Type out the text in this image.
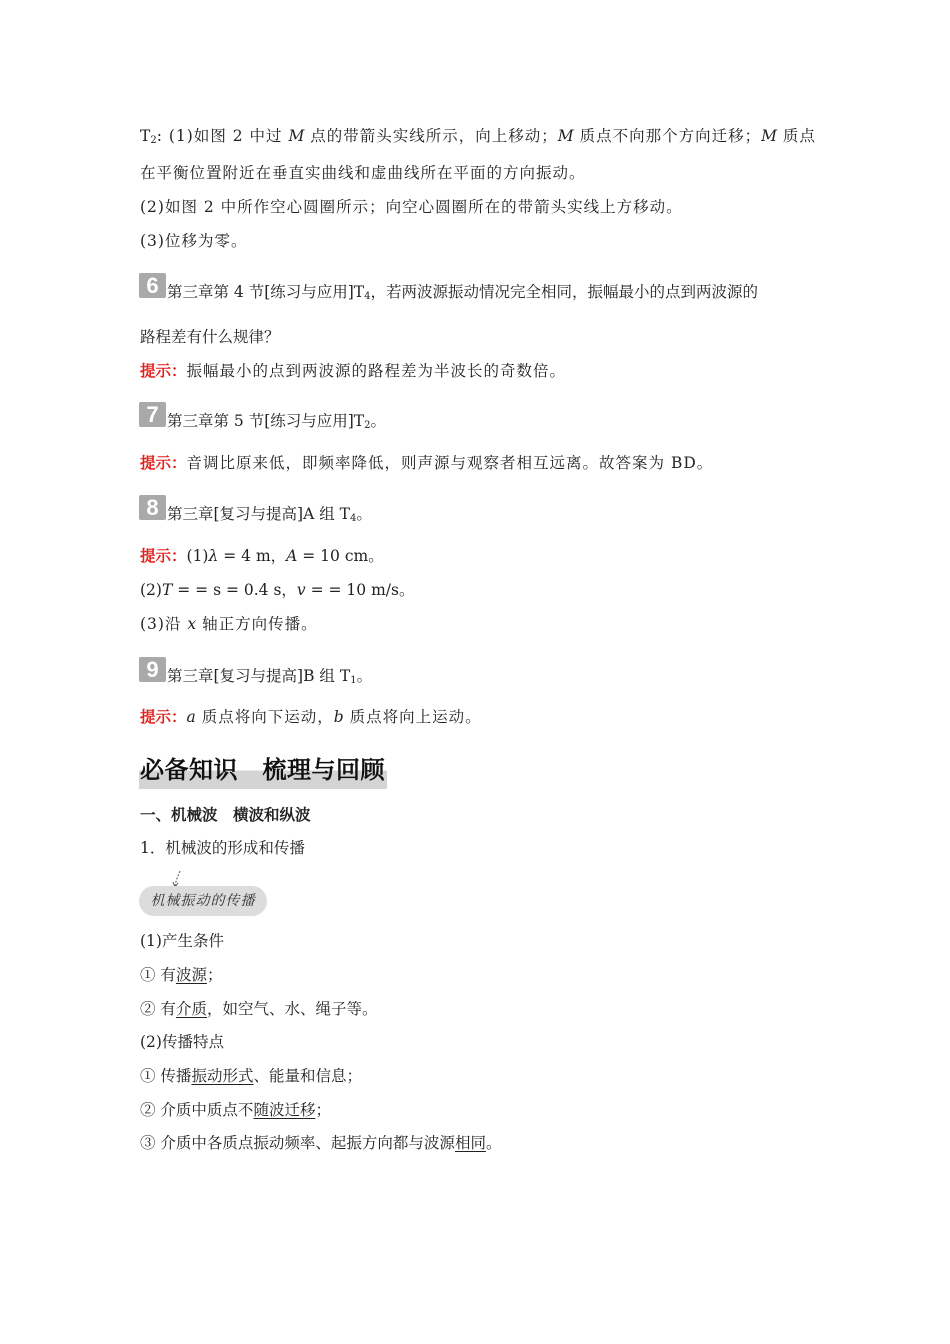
$T_2$: (1)如图 2 中过 M 点的带箭头实线所示，向上移动；M 质点不向那个方向迁移；M 质点
在平衡位置附近在垂直实曲线和虚曲线所在平面的方向振动。
(2)如图 2 中所作空心圆圈所示；向空心圆圈所在的带箭头实线上方移动。
(3)位移为零。
6 第三章第 4 节[练习与应用]$T_4$，若两波源振动情况完全相同，振幅最小的点到两波源的
路程差有什么规律？
提示：振幅最小的点到两波源的路程差为半波长的奇数倍。
7 第三章第 5 节[练习与应用]$T_2$。
提示：音调比原来低，即频率降低，则声源与观察者相互远离。故答案为 BD。
8 第三章[复习与提高]A 组 $T_4$。
提示：(1)λ = 4 m，A = 10 cm。
(2)T = = s = 0.4 s，v = = 10 m/s。
(3)沿 x 轴正方向传播。
9 第三章[复习与提高]B 组 $T_1$。
提示：a 质点将向下运动，b 质点将向上运动。
必备知识　梳理与回顾
一、机械波　横波和纵波
1．机械波的形成和传播
机械振动的传播
(1)产生条件
① 有波源；
② 有介质，如空气、水、绳子等。
(2)传播特点
① 传播振动形式、能量和信息；
② 介质中质点不随波迁移；
③ 介质中各质点振动频率、起振方向都与波源相同。
